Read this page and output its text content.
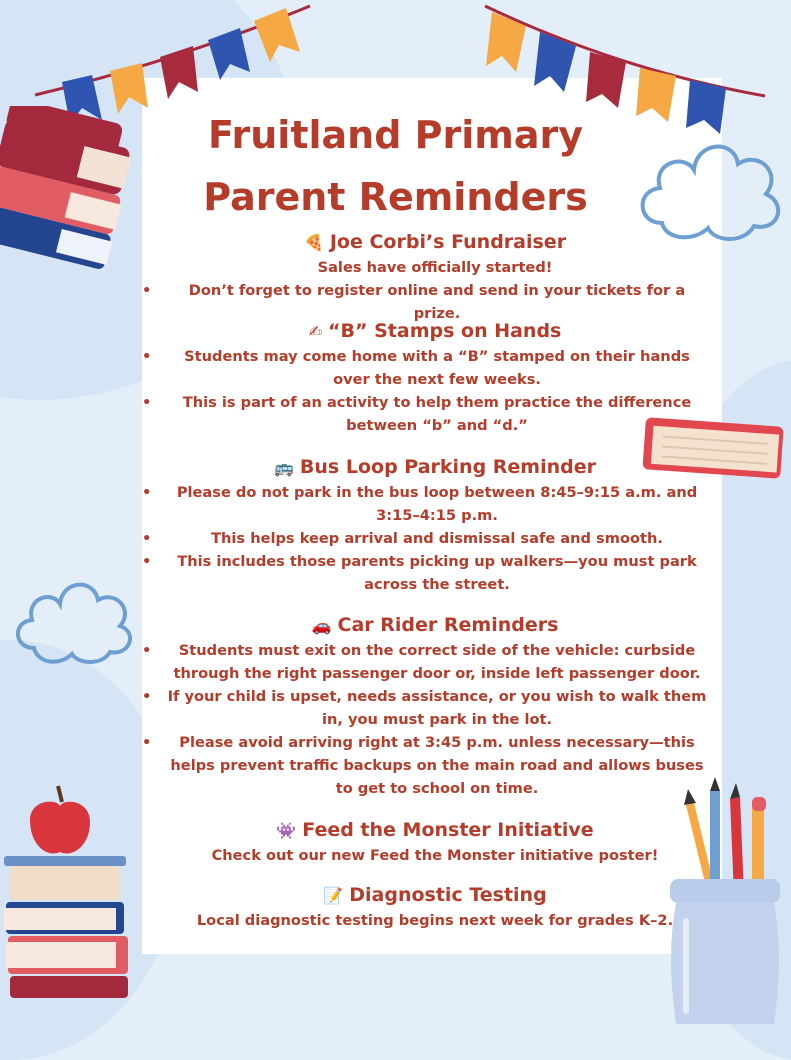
Fruitland Primary
Parent Reminders
🍕 Joe Corbi’s Fundraiser

Sales have officially started!

• Don’t forget to register online and send in your tickets for a prize.
✍ “B” Stamps on Hands
• Students may come home with a “B” stamped on their hands over the next few weeks.
• This is part of an activity to help them practice the difference between “b” and “d.”
🚌 Bus Loop Parking Reminder
• Please do not park in the bus loop between 8:45–9:15 a.m. and 3:15–4:15 p.m.
• This helps keep arrival and dismissal safe and smooth.
• This includes those parents picking up walkers—you must park across the street.
🚗 Car Rider Reminders
• Students must exit on the correct side of the vehicle: curbside through the right passenger door or, inside left passenger door.
• If your child is upset, needs assistance, or you wish to walk them in, you must park in the lot.
• Please avoid arriving right at 3:45 p.m. unless necessary—this helps prevent traffic backups on the main road and allows buses to get to school on time.
👾 Feed the Monster Initiative

Check out our new Feed the Monster initiative poster!

📝 Diagnostic Testing

Local diagnostic testing begins next week for grades K–2.
